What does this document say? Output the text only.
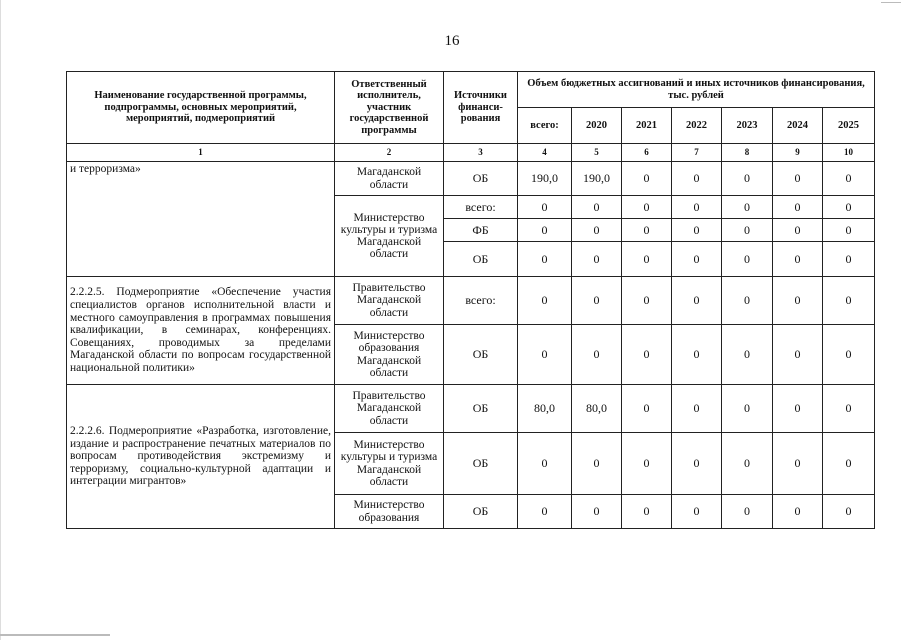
16
Наименование государственной программы, подпрограммы, основных мероприятий, мероприятий, подмероприятий	Ответственный исполнитель, участник государственной программы	Источники финанси-рования	Объем бюджетных ассигнований и иных источников финансирования, тыс. рублей						
			всего:	2020	2021	2022	2023	2024	2025
1	2	3	4	5	6	7	8	9	10
и терроризма»	Магаданской области	ОБ	190,0	190,0	0	0	0	0	0
	Министерство культуры и туризма Магаданской области	всего:	0	0	0	0	0	0	0
		ФБ	0	0	0	0	0	0	0
		ОБ	0	0	0	0	0	0	0
2.2.2.5. Подмероприятие «Обеспечение участия специалистов органов исполнительной власти и местного самоуправления в программах повышения квалификации, в семинарах, конференциях. Совещаниях, проводимых за пределами Магаданской области по вопросам государственной национальной политики»	Правительство Магаданской области	всего:	0	0	0	0	0	0	0
	Министерство образования Магаданской области	ОБ	0	0	0	0	0	0	0
2.2.2.6. Подмероприятие «Разработка, изготовление, издание и распространение печатных материалов по вопросам противодействия экстремизму и терроризму, социально-культурной адаптации и интеграции мигрантов»	Правительство Магаданской области	ОБ	80,0	80,0	0	0	0	0	0
	Министерство культуры и туризма Магаданской области	ОБ	0	0	0	0	0	0	0
	Министерство образования	ОБ	0	0	0	0	0	0	0
